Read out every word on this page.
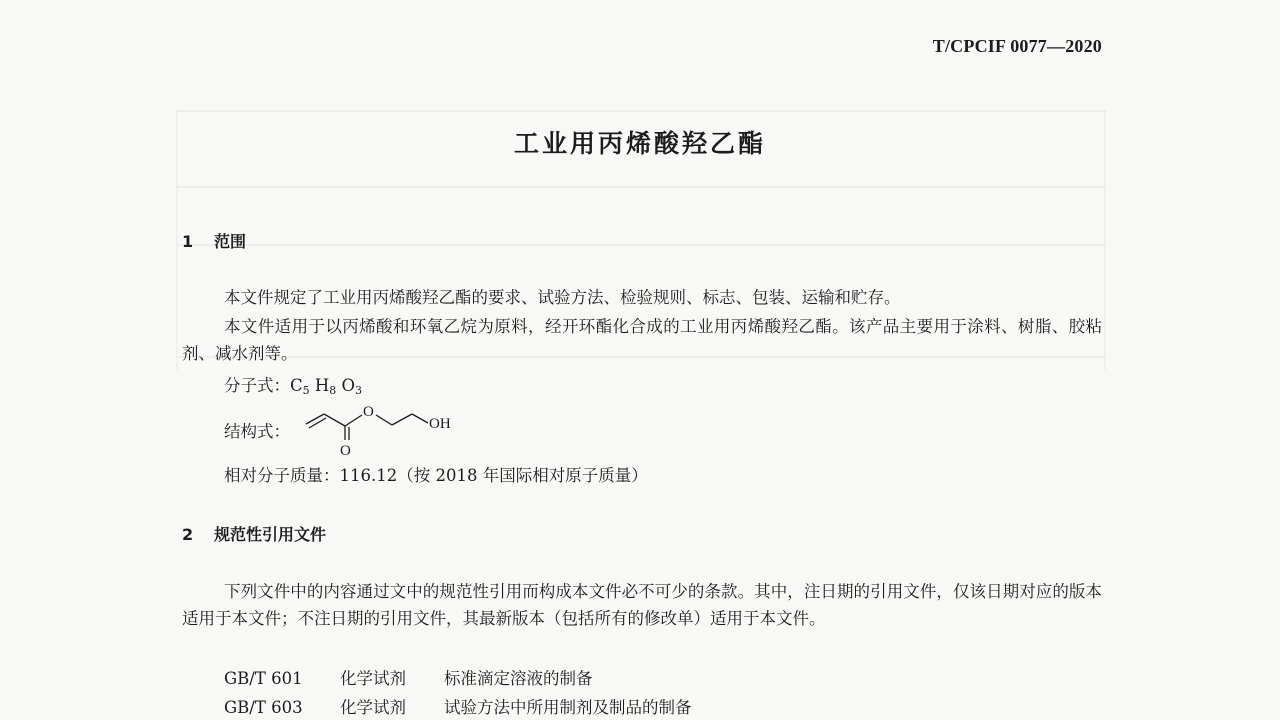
T/CPCIF 0077—2020
工业用丙烯酸羟乙酯
1 范围
本文件规定了工业用丙烯酸羟乙酯的要求、试验方法、检验规则、标志、包装、运输和贮存。
本文件适用于以丙烯酸和环氧乙烷为原料，经开环酯化合成的工业用丙烯酸羟乙酯。该产品主要用于涂料、树脂、胶粘剂、减水剂等。
分子式：$C_5$ $H_8$ $O_3$
结构式：
O
O
OH
相对分子质量：116.12（按 2018 年国际相对原子质量）
2 规范性引用文件
下列文件中的内容通过文中的规范性引用而构成本文件必不可少的条款。其中，注日期的引用文件，仅该日期对应的版本适用于本文件；不注日期的引用文件，其最新版本（包括所有的修改单）适用于本文件。
GB/T 601 化学试剂 标准滴定溶液的制备
GB/T 603 化学试剂 试验方法中所用制剂及制品的制备
